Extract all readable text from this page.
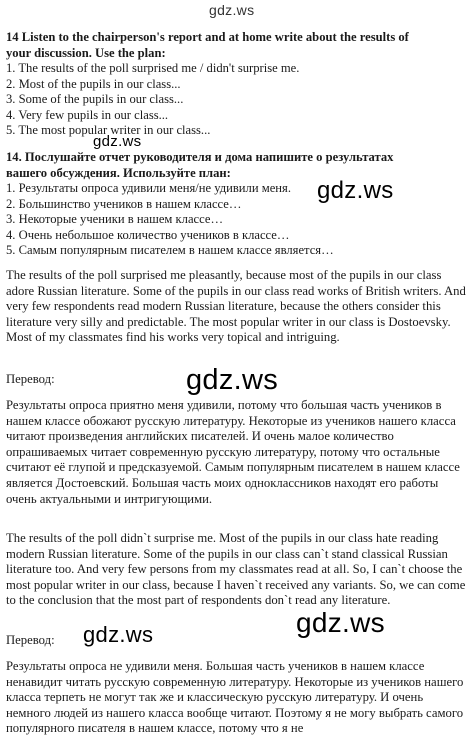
gdz.ws
14 Listen to the chairperson's report and at home write about the results of
your discussion. Use the plan:
1. The results of the poll surprised me / didn't surprise me.
2. Most of the pupils in our class...
3. Some of the pupils in our class...
4. Very few pupils in our class...
5. The most popular writer in our class...
gdz.ws
14. Послушайте отчет руководителя и дома напишите о результатах
вашего обсуждения. Используйте план:
1. Результаты опроса удивили меня/не удивили меня.
2. Большинство учеников в нашем классе…
3. Некоторые ученики в нашем классе…
4. Очень небольшое количество учеников в классе…
5. Самым популярным писателем в нашем классе является…
gdz.ws
The results of the poll surprised me pleasantly, because most of the pupils in our class adore Russian literature. Some of the pupils in our class read works of British writers. And very few respondents read modern Russian literature, because the others consider this literature very silly and predictable. The most popular writer in our class is Dostoevsky. Most of my classmates find his works very topical and intriguing.
Перевод:	gdz.ws
Результаты опроса приятно меня удивили, потому что большая часть учеников в нашем классе обожают русскую литературу. Некоторые из учеников нашего класса читают произведения английских писателей. И очень малое количество опрашиваемых читает современную русскую литературу, потому что остальные считают её глупой и предсказуемой. Самым популярным писателем в нашем классе является Достоевский. Большая часть моих одноклассников находят его работы очень актуальными и интригующими.
The results of the poll didn`t surprise me. Most of the pupils in our class hate reading modern Russian literature. Some of the pupils in our class can`t stand classical Russian literature too. And very few persons from my classmates read at all. So, I can`t choose the most popular writer in our class, because I haven`t received any variants. So, we can come to the conclusion that the most part of respondents don`t read any literature.
Перевод: gdz.ws	gdz.ws
Результаты опроса не удивили меня. Большая часть учеников в нашем классе ненавидит читать русскую современную литературу. Некоторые из учеников нашего класса терпеть не могут так же и классическую русскую литературу. И очень немного людей из нашего класса вообще читают. Поэтому я не могу выбрать самого популярного писателя в нашем классе, потому что я не
